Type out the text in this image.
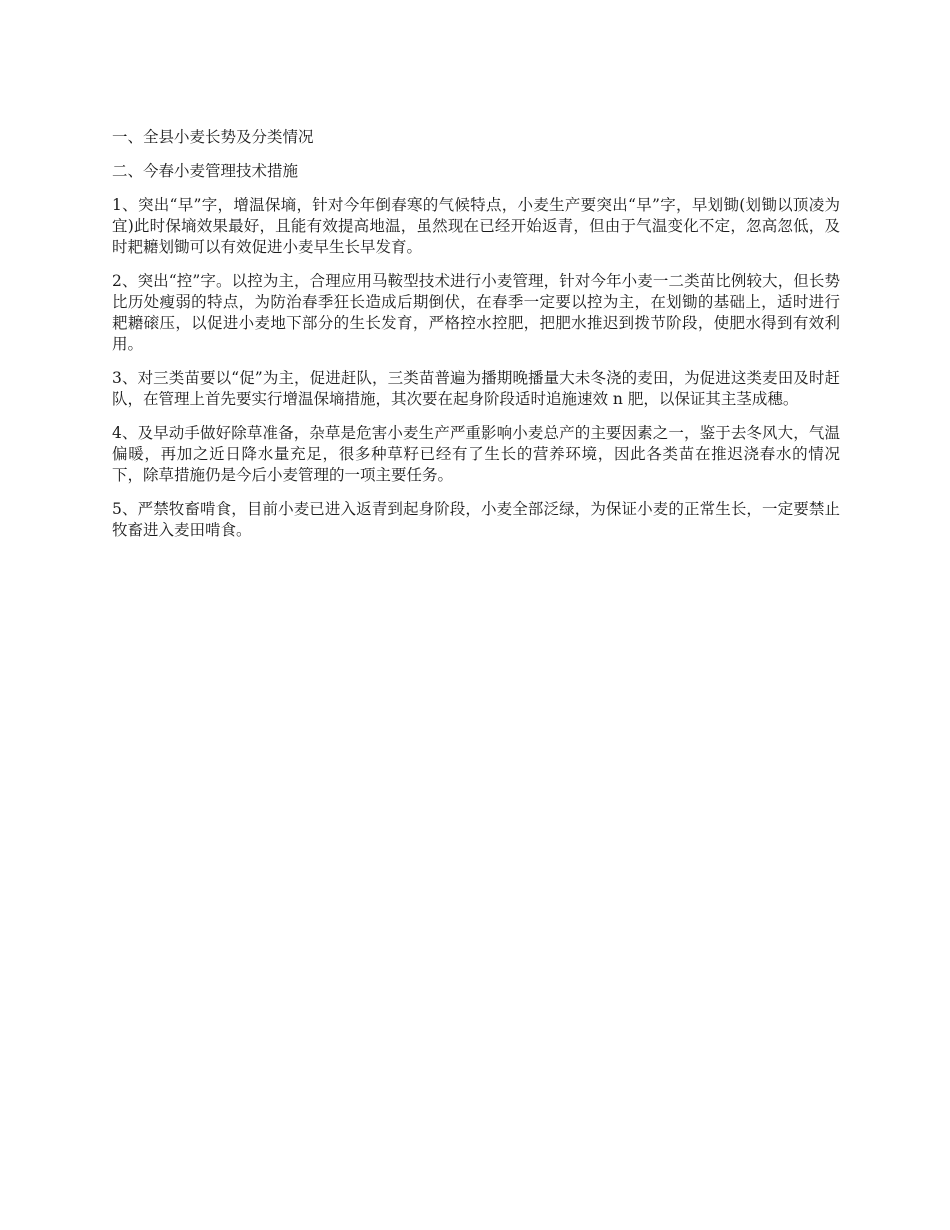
一、全县小麦长势及分类情况

二、今春小麦管理技术措施

1、突出“早”字，增温保墒，针对今年倒春寒的气候特点，小麦生产要突出“早”字，早划锄(划锄以顶凌为宜)此时保墒效果最好，且能有效提高地温，虽然现在已经开始返青，但由于气温变化不定，忽高忽低，及时耙耱划锄可以有效促进小麦早生长早发育。

2、突出“控”字。以控为主，合理应用马鞍型技术进行小麦管理，针对今年小麦一二类苗比例较大，但长势比历处瘦弱的特点，为防治春季狂长造成后期倒伏，在春季一定要以控为主，在划锄的基础上，适时进行耙耱磙压，以促进小麦地下部分的生长发育，严格控水控肥，把肥水推迟到拨节阶段，使肥水得到有效利用。

3、对三类苗要以“促”为主，促进赶队，三类苗普遍为播期晚播量大未冬浇的麦田，为促进这类麦田及时赶队，在管理上首先要实行增温保墒措施，其次要在起身阶段适时追施速效 n 肥，以保证其主茎成穗。

4、及早动手做好除草准备，杂草是危害小麦生产严重影响小麦总产的主要因素之一，鉴于去冬风大，气温偏暖，再加之近日降水量充足，很多种草籽已经有了生长的营养环境，因此各类苗在推迟浇春水的情况下，除草措施仍是今后小麦管理的一项主要任务。

5、严禁牧畜啃食，目前小麦已进入返青到起身阶段，小麦全部泛绿，为保证小麦的正常生长，一定要禁止牧畜进入麦田啃食。
